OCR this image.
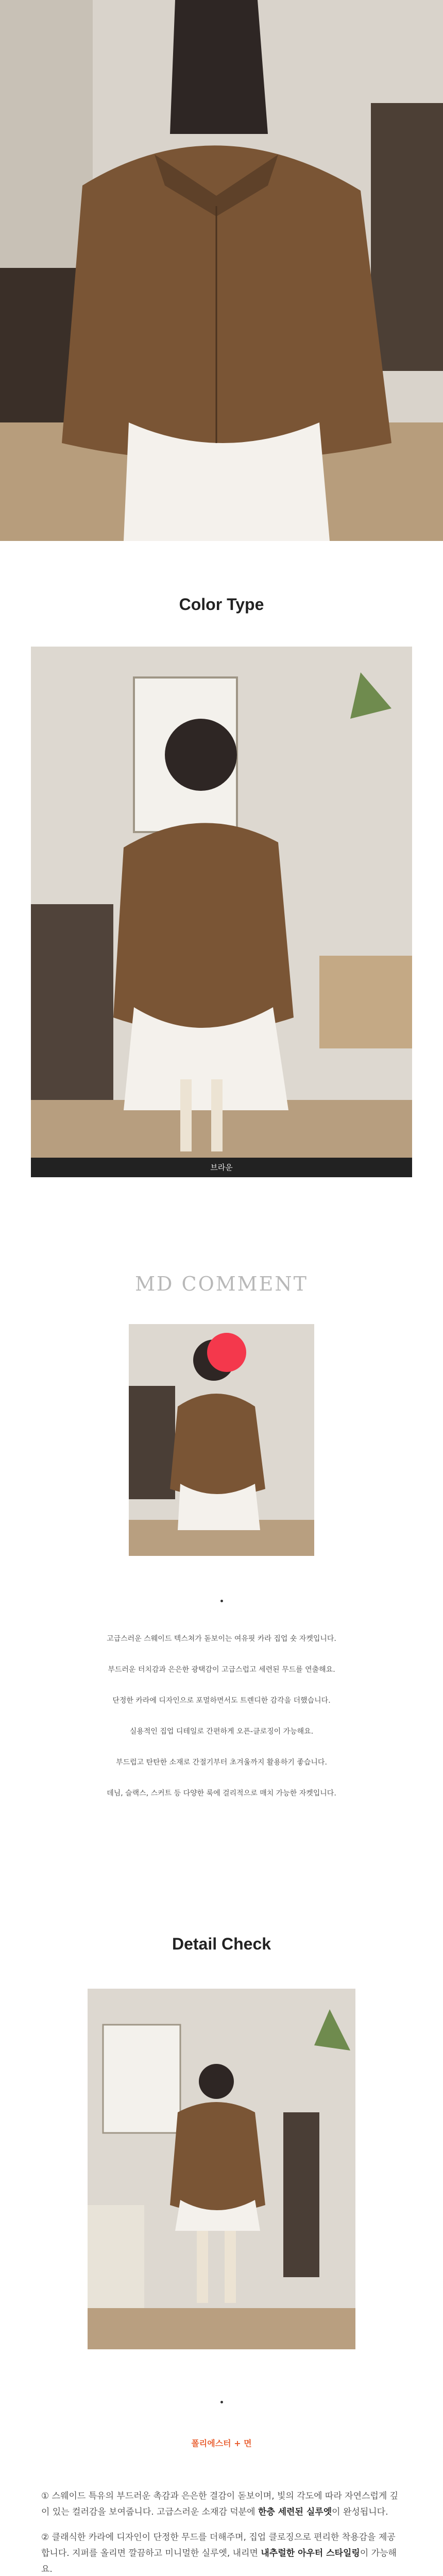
Color Type
브라운
MD COMMENT

고급스러운 스웨이드 텍스쳐가 돋보이는 여유핏 카라 집업 숏 자켓입니다.

부드러운 터치감과 은은한 광택감이 고급스럽고 세련된 무드를 연출해요.

단정한 카라에 디자인으로 포멀하면서도 트렌디한 감각을 더했습니다.

실용적인 집업 디테일로 간편하게 오픈-클로징이 가능해요.

부드럽고 탄탄한 소재로 간절기부터 초겨울까지 활용하기 좋습니다.

데님, 슬랙스, 스커트 등 다양한 룩에 걸리적으로 매치 가능한 자켓입니다.

Detail Check
폴리에스터 + 면

① 스웨이드 특유의 부드러운 촉감과 은은한 결감이 돋보이며, 빛의 각도에 따라 자연스럽게 깊이 있는 컬러감을 보여줍니다. 고급스러운 소재감 덕분에 한층 세련된 실루엣이 완성됩니다.

② 클래식한 카라에 디자인이 단정한 무드를 더해주며, 집업 클로징으로 편리한 착용감을 제공합니다. 지퍼를 올리면 깔끔하고 미니멀한 실루엣, 내리면 내추럴한 아우터 스타일링이 가능해요.
